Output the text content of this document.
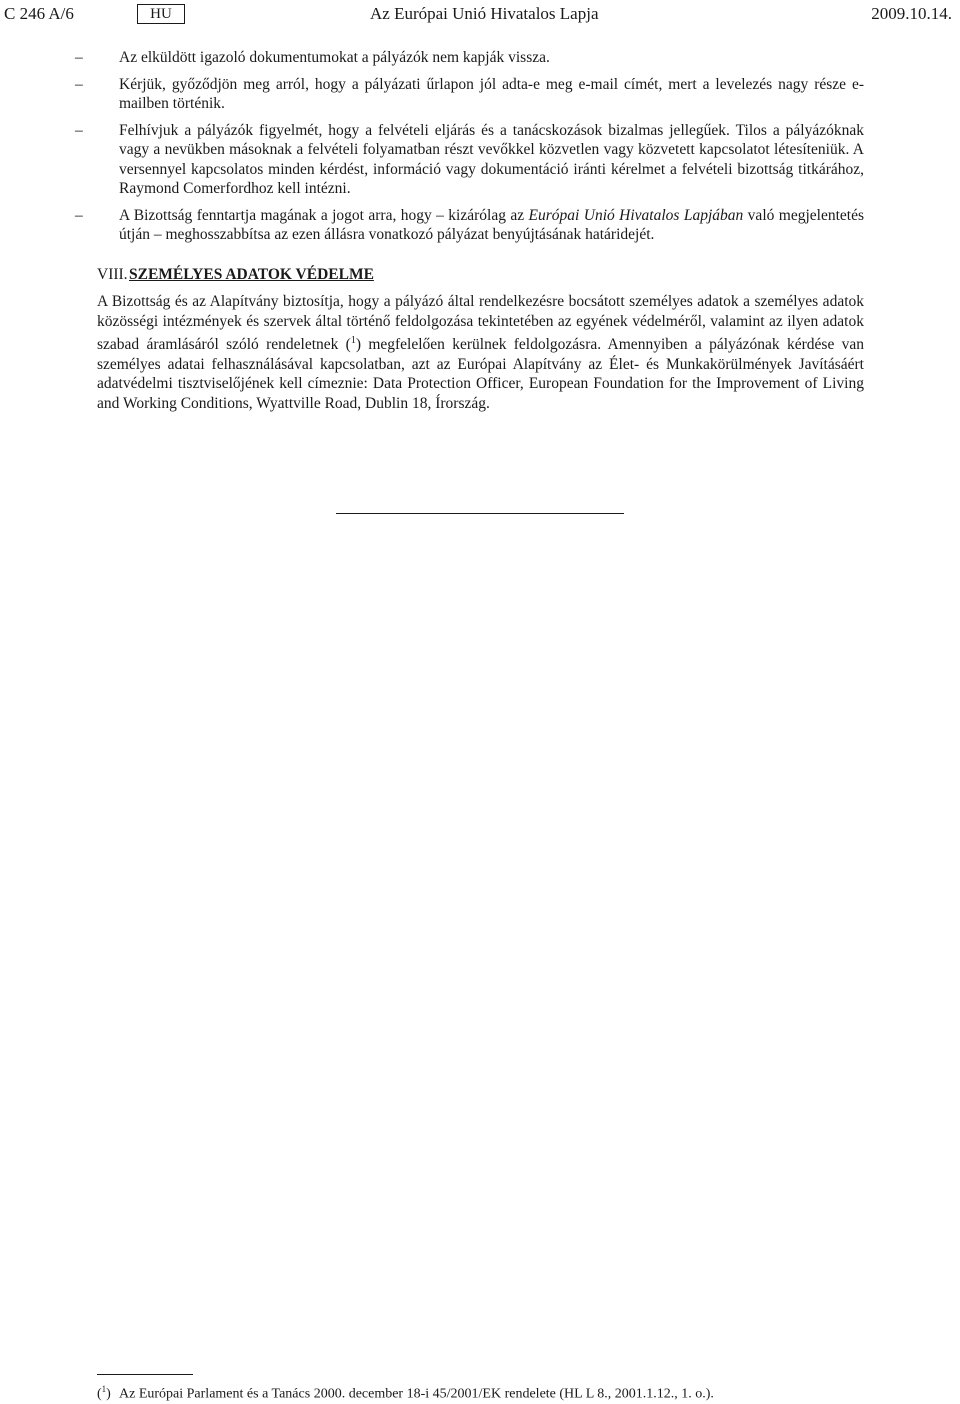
C 246 A/6	HU	Az Európai Unió Hivatalos Lapja	2009.10.14.

– Az elküldött igazoló dokumentumokat a pályázók nem kapják vissza.

– Kérjük, győződjön meg arról, hogy a pályázati űrlapon jól adta-e meg e-mail címét, mert a levelezés nagy része e-mailben történik.

– Felhívjuk a pályázók figyelmét, hogy a felvételi eljárás és a tanácskozások bizalmas jellegűek. Tilos a pályázóknak vagy a nevükben másoknak a felvételi folyamatban részt vevőkkel közvetlen vagy közvetett kapcsolatot létesíteniük. A versennyel kapcsolatos minden kérdést, információ vagy dokumentáció iránti kérelmet a felvételi bizottság titkárához, Raymond Comerfordhoz kell intézni.

– A Bizottság fenntartja magának a jogot arra, hogy – kizárólag az Európai Unió Hivatalos Lapjában való megjelentetés útján – meghosszabbítsa az ezen állásra vonatkozó pályázat benyújtásának határidejét.

VIII.SZEMÉLYES ADATOK VÉDELME

A Bizottság és az Alapítvány biztosítja, hogy a pályázó által rendelkezésre bocsátott személyes adatok a személyes adatok közösségi intézmények és szervek által történő feldolgozása tekintetében az egyének védelméről, valamint az ilyen adatok szabad áramlásáról szóló rendeletnek ($^1$) megfelelően kerülnek feldolgozásra. Amennyiben a pályázónak kérdése van személyes adatai felhasználásával kapcsolatban, azt az Európai Alapítvány az Élet- és Munkakörülmények Javításáért adatvédelmi tisztviselőjének kell címeznie: Data Protection Officer, European Foundation for the Improvement of Living and Working Conditions, Wyattville Road, Dublin 18, Írország.

($^1$) Az Európai Parlament és a Tanács 2000. december 18-i 45/2001/EK rendelete (HL L 8., 2001.1.12., 1. o.).
